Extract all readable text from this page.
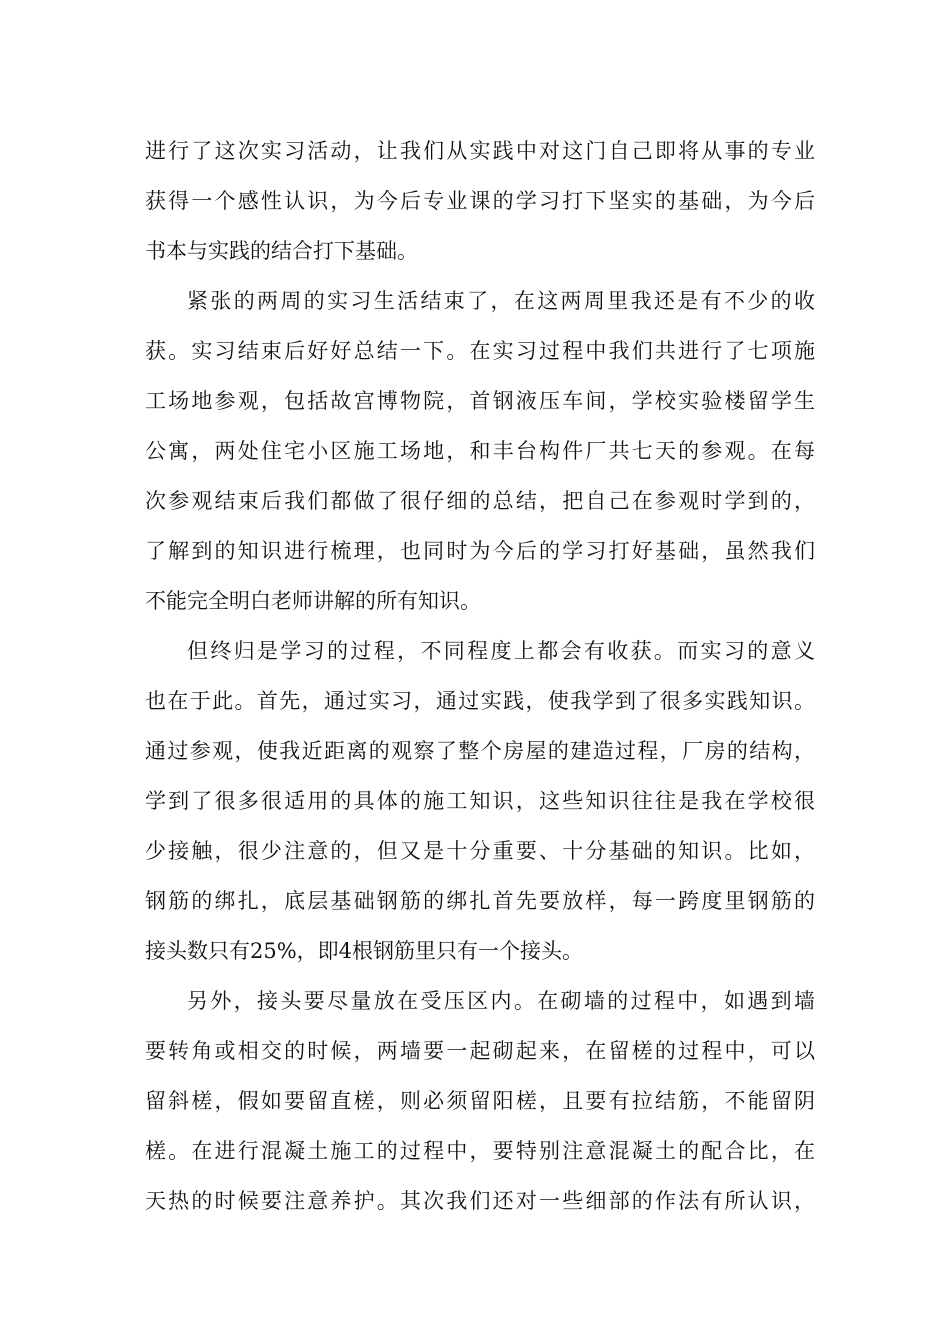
进行了这次实习活动，让我们从实践中对这门自己即将从事的专业
获得一个感性认识，为今后专业课的学习打下坚实的基础，为今后
书本与实践的结合打下基础。
紧张的两周的实习生活结束了，在这两周里我还是有不少的收
获。实习结束后好好总结一下。在实习过程中我们共进行了七项施
工场地参观，包括故宫博物院，首钢液压车间，学校实验楼留学生
公寓，两处住宅小区施工场地，和丰台构件厂共七天的参观。在每
次参观结束后我们都做了很仔细的总结，把自己在参观时学到的，
了解到的知识进行梳理，也同时为今后的学习打好基础，虽然我们
不能完全明白老师讲解的所有知识。
但终归是学习的过程，不同程度上都会有收获。而实习的意义
也在于此。首先，通过实习，通过实践，使我学到了很多实践知识。
通过参观，使我近距离的观察了整个房屋的建造过程，厂房的结构，
学到了很多很适用的具体的施工知识，这些知识往往是我在学校很
少接触，很少注意的，但又是十分重要、十分基础的知识。比如，
钢筋的绑扎，底层基础钢筋的绑扎首先要放样，每一跨度里钢筋的
接头数只有25%，即4根钢筋里只有一个接头。
另外，接头要尽量放在受压区内。在砌墙的过程中，如遇到墙
要转角或相交的时候，两墙要一起砌起来，在留槎的过程中，可以
留斜槎，假如要留直槎，则必须留阳槎，且要有拉结筋，不能留阴
槎。在进行混凝土施工的过程中，要特别注意混凝土的配合比，在
天热的时候要注意养护。其次我们还对一些细部的作法有所认识，
